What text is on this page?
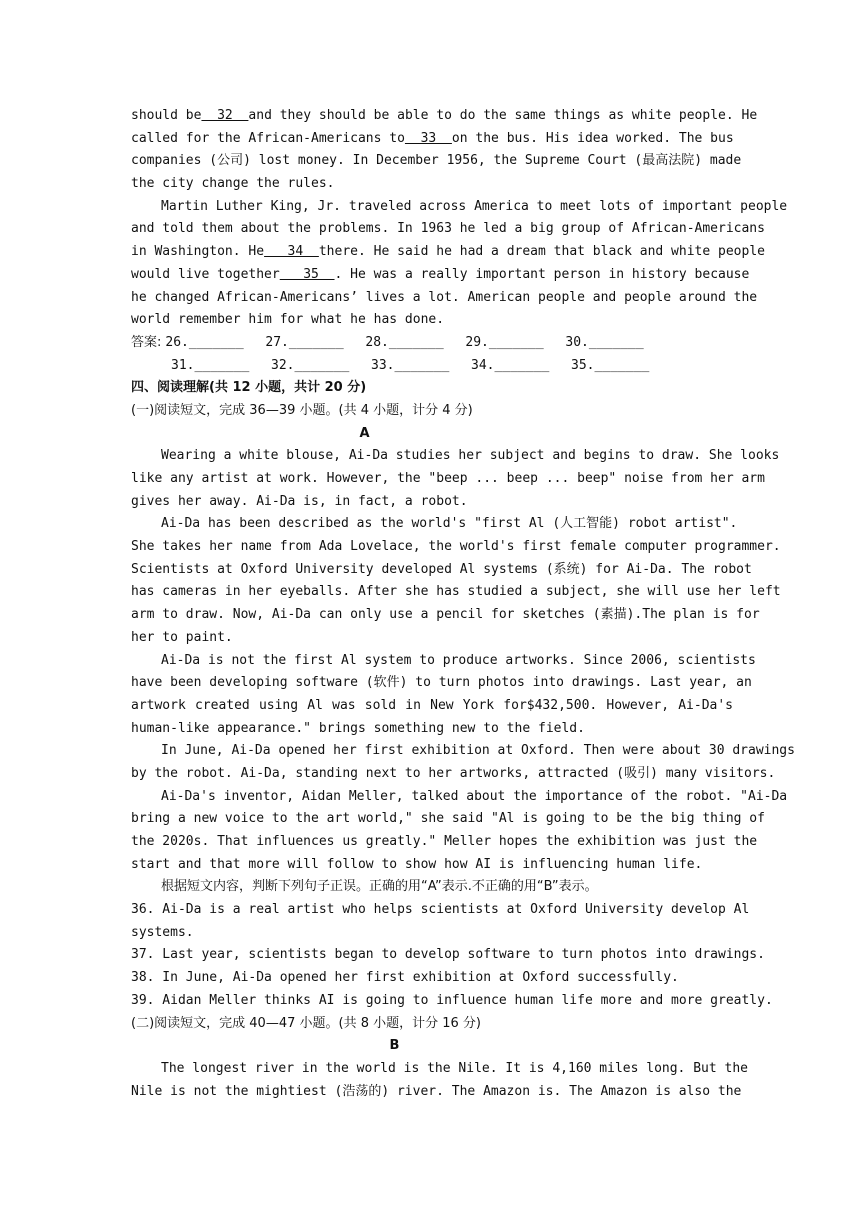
should be  32  and they should be able to do the same things as white people. He
called for the African-Americans to  33  on the bus. His idea worked. The bus
companies (公司) lost money. In December 1956, the Supreme Court (最高法院) made
the city change the rules.
Martin Luther King, Jr. traveled across America to meet lots of important people
and told them about the problems. In 1963 he led a big group of African-Americans
in Washington. He   34  there. He said he had a dream that black and white people
would live together   35  . He was a really important person in history because
he changed African-Americans’ lives a lot. American people and people around the
world remember him for what he has done.
答案: 26._______ 27._______ 28._______ 29._______ 30._______
31._______ 32._______ 33._______ 34._______ 35._______
四、阅读理解(共 12 小题，共计 20 分)
(一)阅读短文，完成 36—39 小题。(共 4 小题，计分 4 分)
A
Wearing a white blouse, Ai-Da studies her subject and begins to draw. She looks
like any artist at work. However, the "beep ... beep ... beep" noise from her arm
gives her away. Ai-Da is, in fact, a robot.
Ai-Da has been described as the world's "first Al (人工智能) robot artist".
She takes her name from Ada Lovelace, the world's first female computer programmer.
Scientists at Oxford University developed Al systems (系统) for Ai-Da. The robot
has cameras in her eyeballs. After she has studied a subject, she will use her left
arm to draw. Now, Ai-Da can only use a pencil for sketches (素描).The plan is for
her to paint.
Ai-Da is not the first Al system to produce artworks. Since 2006, scientists
have been developing software (软件) to turn photos into drawings. Last year, an
artwork created using Al was sold in New York for$432,500. However, Ai-Da's
human-like appearance." brings something new to the field.
In June, Ai-Da opened her first exhibition at Oxford. Then were about 30 drawings
by the robot. Ai-Da, standing next to her artworks, attracted (吸引) many visitors.
Ai-Da's inventor, Aidan Meller, talked about the importance of the robot. "Ai-Da
bring a new voice to the art world," she said "Al is going to be the big thing of
the 2020s. That influences us greatly." Meller hopes the exhibition was just the
start and that more will follow to show how AI is influencing human life.
根据短文内容，判断下列句子正误。正确的用“A”表示.不正确的用“B”表示。
36. Ai-Da is a real artist who helps scientists at Oxford University develop Al
systems.
37. Last year, scientists began to develop software to turn photos into drawings.
38. In June, Ai-Da opened her first exhibition at Oxford successfully.
39. Aidan Meller thinks AI is going to influence human life more and more greatly.
(二)阅读短文，完成 40—47 小题。(共 8 小题，计分 16 分)
B
The longest river in the world is the Nile. It is 4,160 miles long. But the
Nile is not the mightiest (浩荡的) river. The Amazon is. The Amazon is also the
